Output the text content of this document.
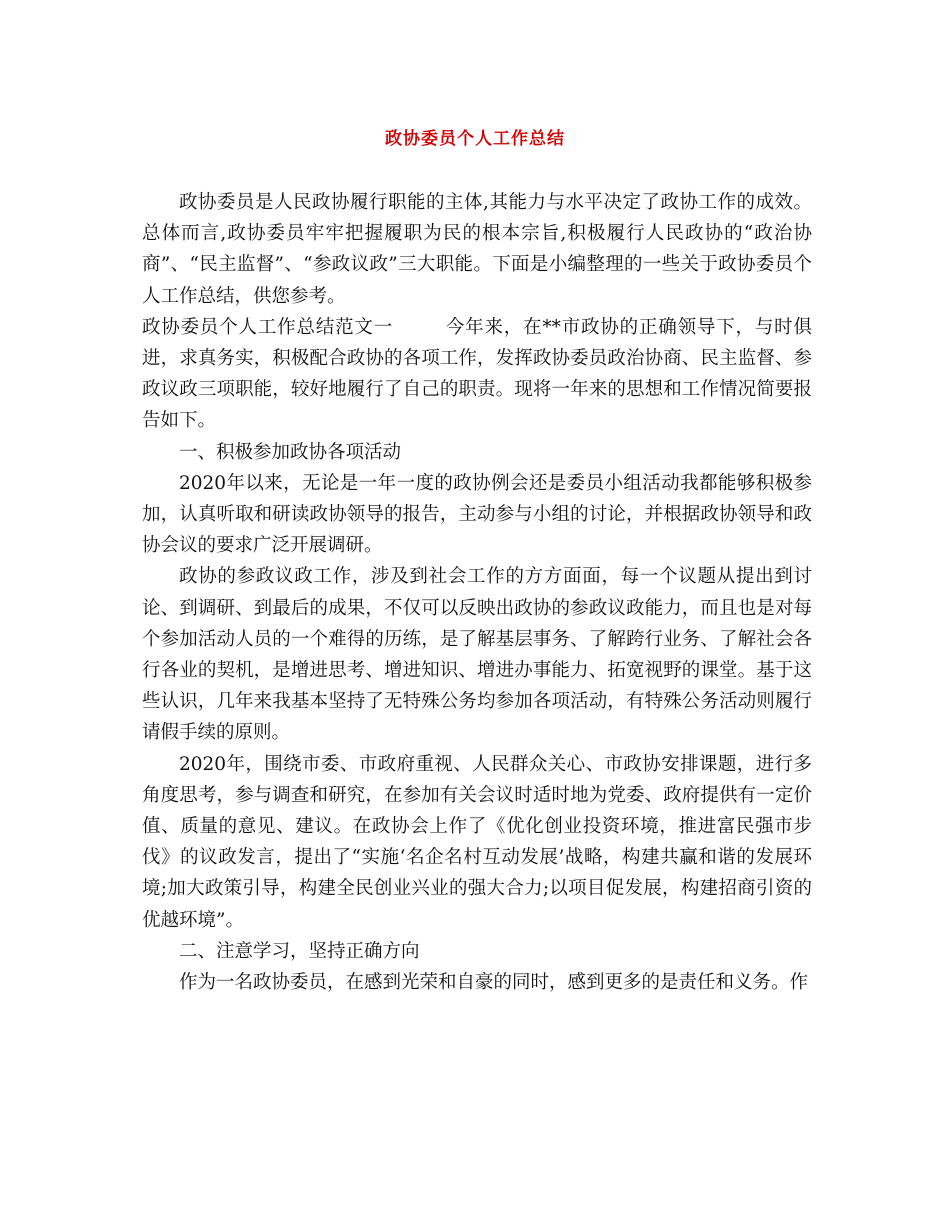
政协委员个人工作总结

政协委员是人民政协履行职能的主体,其能力与水平决定了政协工作的成效。总体而言,政协委员牢牢把握履职为民的根本宗旨,积极履行人民政协的“政治协商”、“民主监督”、“参政议政”三大职能。下面是小编整理的一些关于政协委员个人工作总结，供您参考。

政协委员个人工作总结范文一	今年来，在**市政协的正确领导下，与时俱进，求真务实，积极配合政协的各项工作，发挥政协委员政治协商、民主监督、参政议政三项职能，较好地履行了自己的职责。现将一年来的思想和工作情况简要报告如下。

一、积极参加政协各项活动

2020年以来，无论是一年一度的政协例会还是委员小组活动我都能够积极参加，认真听取和研读政协领导的报告，主动参与小组的讨论，并根据政协领导和政协会议的要求广泛开展调研。

政协的参政议政工作，涉及到社会工作的方方面面，每一个议题从提出到讨论、到调研、到最后的成果，不仅可以反映出政协的参政议政能力，而且也是对每个参加活动人员的一个难得的历练，是了解基层事务、了解跨行业务、了解社会各行各业的契机，是增进思考、增进知识、增进办事能力、拓宽视野的课堂。基于这些认识，几年来我基本坚持了无特殊公务均参加各项活动，有特殊公务活动则履行请假手续的原则。

2020年，围绕市委、市政府重视、人民群众关心、市政协安排课题，进行多角度思考，参与调查和研究，在参加有关会议时适时地为党委、政府提供有一定价值、质量的意见、建议。在政协会上作了《优化创业投资环境，推进富民强市步伐》的议政发言，提出了“实施‘名企名村互动发展’战略，构建共赢和谐的发展环境;加大政策引导，构建全民创业兴业的强大合力;以项目促发展，构建招商引资的优越环境”。

二、注意学习，坚持正确方向

作为一名政协委员，在感到光荣和自豪的同时，感到更多的是责任和义务。作
